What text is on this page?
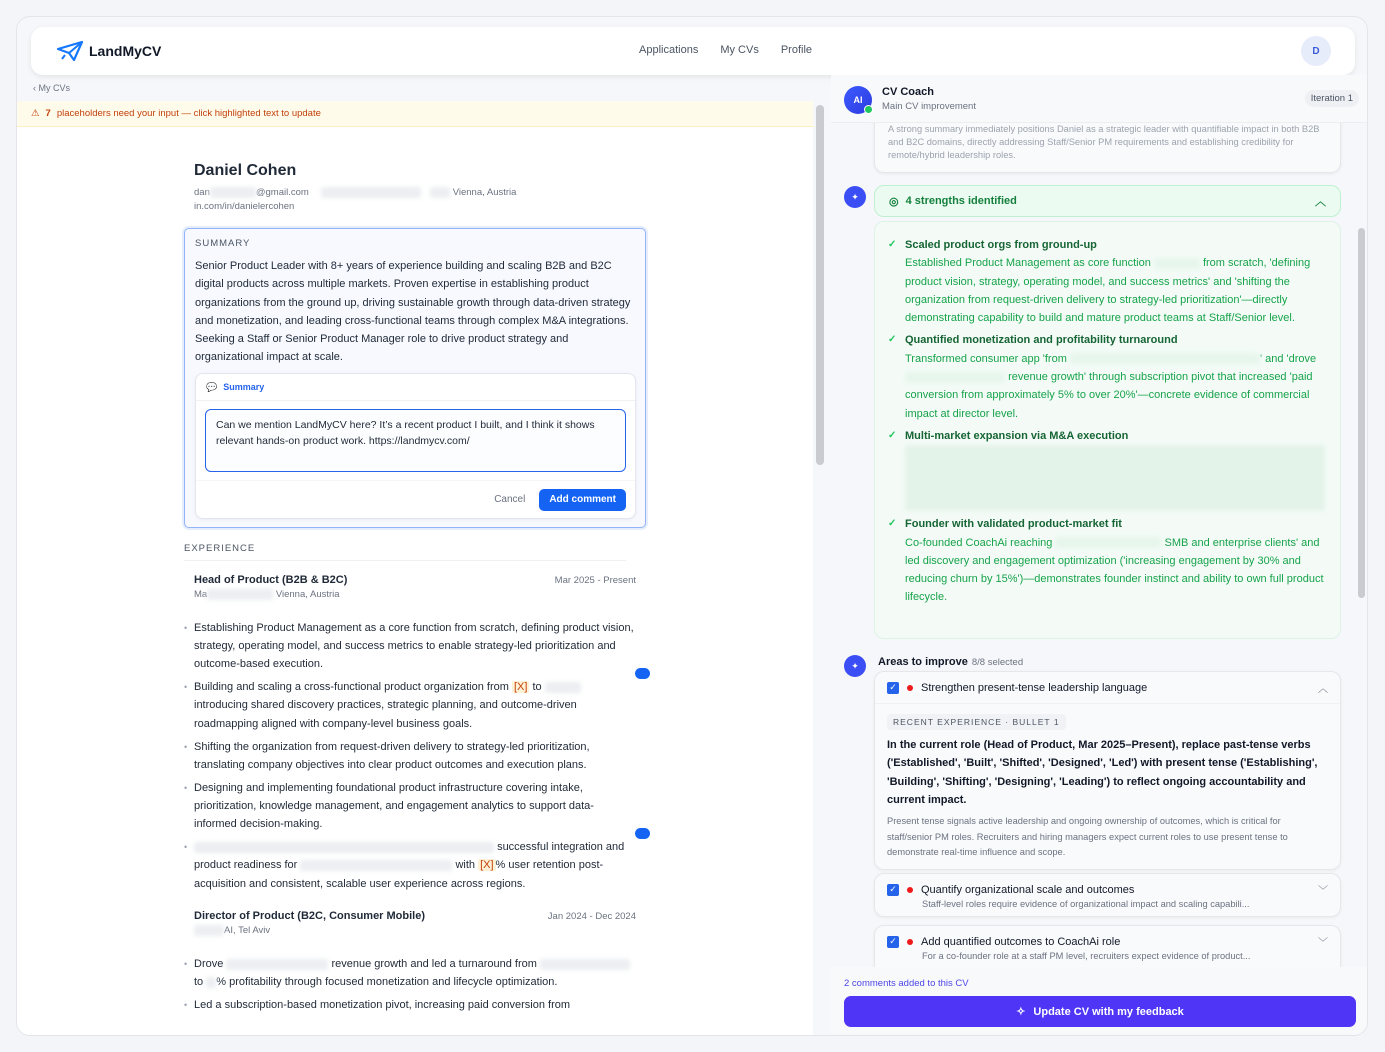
LandMyCV	Applications My CVs Profile	D
‹ My CVs
⚠ 7 placeholders need your input — click highlighted text to update
Daniel Cohen
dan	@gmail.com	Vienna, Austria
in.com/in/danielercohen
SUMMARY
Senior Product Leader with 8+ years of experience building and scaling B2B and B2C digital products across multiple markets. Proven expertise in establishing product organizations from the ground up, driving sustainable growth through data-driven strategy and monetization, and leading cross-functional teams through complex M&A integrations. Seeking a Staff or Senior Product Manager role to drive product strategy and organizational impact at scale.
💬 Summary
Can we mention LandMyCV here? It’s a recent product I built, and I think it shows relevant hands-on product work. https://landmycv.com/
Cancel	Add comment
EXPERIENCE
Head of Product (B2B & B2C)	Mar 2025 - Present
Ma	Vienna, Austria
• Establishing Product Management as a core function from scratch, defining product vision, strategy, operating model, and success metrics to enable strategy-led prioritization and outcome-based execution.
• Building and scaling a cross-functional product organization from [X] to  introducing shared discovery practices, strategic planning, and outcome-driven roadmapping aligned with company-level business goals.
• Shifting the organization from request-driven delivery to strategy-led prioritization, translating company objectives into clear product outcomes and execution plans.
• Designing and implementing foundational product infrastructure covering intake, prioritization, knowledge management, and engagement analytics to support data-informed decision-making.
• successful integration and product readiness for	with [X] % user retention post-acquisition and consistent, scalable user experience across regions.
Director of Product (B2C, Consumer Mobile)	Jan 2024 - Dec 2024
AI, Tel Aviv
• Drove	revenue growth and led a turnaround from
to % profitability through focused monetization and lifecycle optimization.
• Led a subscription-based monetization pivot, increasing paid conversion from
AI
CV Coach
Main CV improvement
Iteration 1
A strong summary immediately positions Daniel as a strategic leader with quantifiable impact in both B2B and B2C domains, directly addressing Staff/Senior PM requirements and establishing credibility for remote/hybrid leadership roles.
✦	◎ 4 strengths identified	︿
✓ Scaled product orgs from ground-up
Established Product Management as core function	from scratch, 'defining product vision, strategy, operating model, and success metrics' and 'shifting the organization from request-driven delivery to strategy-led prioritization'—directly demonstrating capability to build and mature product teams at Staff/Senior level.
✓ Quantified monetization and profitability turnaround
Transformed consumer app 'from	' and 'drove  revenue growth' through subscription pivot that increased 'paid conversion from approximately 5% to over 20%'—concrete evidence of commercial impact at director level.
✓ Multi-market expansion via M&A execution
✓ Founder with validated product-market fit
Co-founded CoachAi reaching	SMB and enterprise clients' and led discovery and engagement optimization ('increasing engagement by 30% and reducing churn by 15%')—demonstrates founder instinct and ability to own full product lifecycle.
✦	Areas to improve 8/8 selected
✓ Strengthen present-tense leadership language	︿
RECENT EXPERIENCE · BULLET 1
In the current role (Head of Product, Mar 2025–Present), replace past-tense verbs ('Established', 'Built', 'Shifted', 'Designed', 'Led') with present tense ('Establishing', 'Building', 'Shifting', 'Designing', 'Leading') to reflect ongoing accountability and current impact.
Present tense signals active leadership and ongoing ownership of outcomes, which is critical for staff/senior PM roles. Recruiters and hiring managers expect current roles to use present tense to demonstrate real-time influence and scope.
✓ Quantify organizational scale and outcomes	﹀
Staff-level roles require evidence of organizational impact and scaling capabili...
✓ Add quantified outcomes to CoachAi role	﹀
For a co-founder role at a staff PM level, recruiters expect evidence of product...
2 comments added to this CV
✧ Update CV with my feedback
